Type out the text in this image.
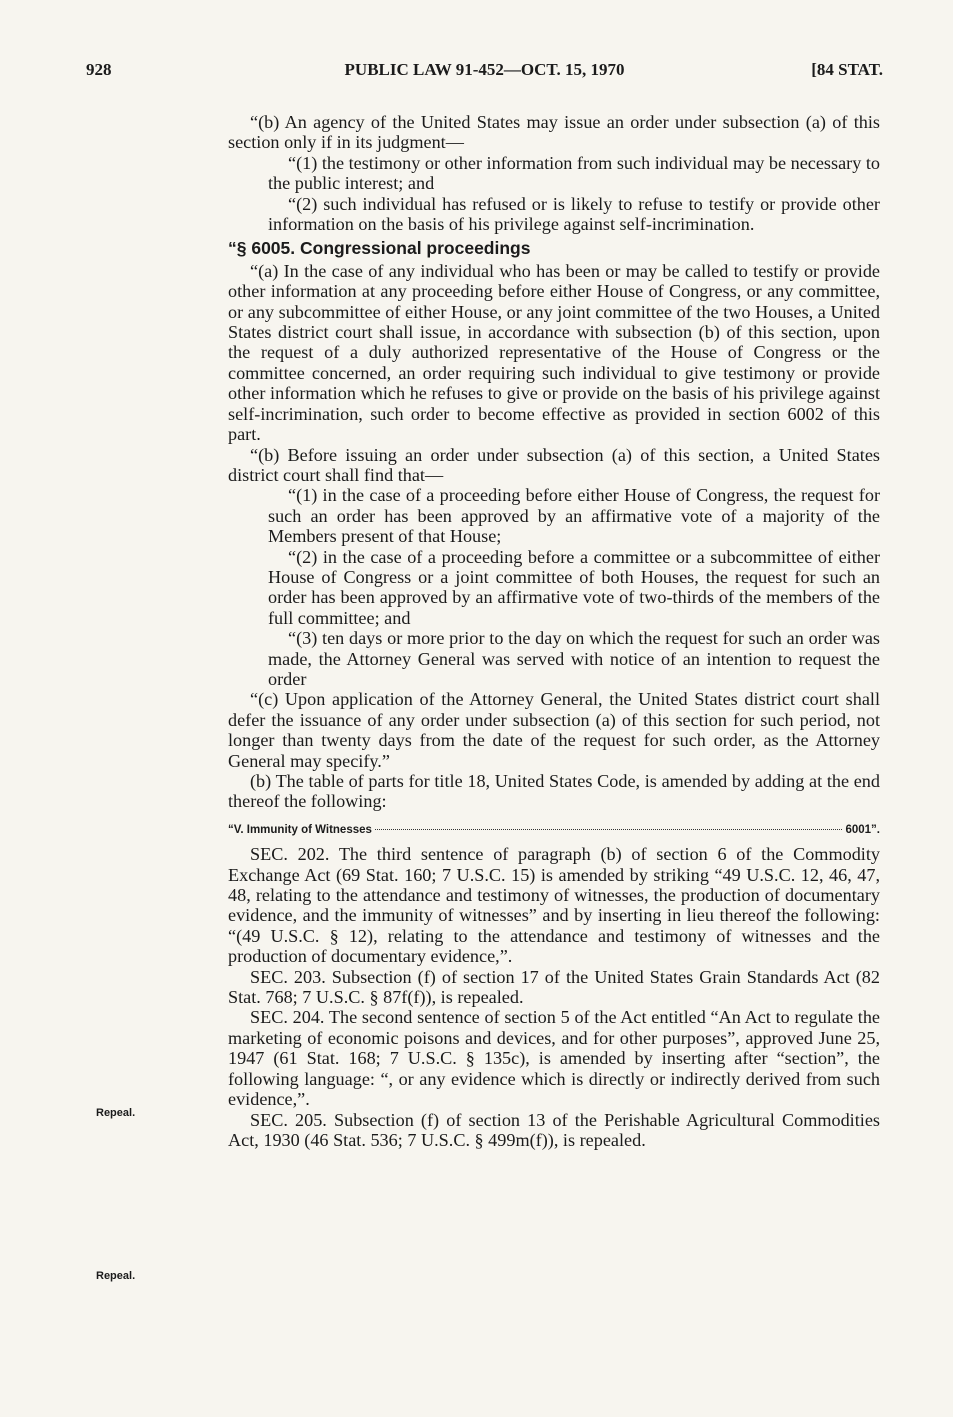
928	PUBLIC LAW 91-452—OCT. 15, 1970	[84 STAT.

“(b) An agency of the United States may issue an order under subsection (a) of this section only if in its judgment—

“(1) the testimony or other information from such individual may be necessary to the public interest; and

“(2) such individual has refused or is likely to refuse to testify or provide other information on the basis of his privilege against self-incrimination.

“§ 6005. Congressional proceedings

“(a) In the case of any individual who has been or may be called to testify or provide other information at any proceeding before either House of Congress, or any committee, or any subcommittee of either House, or any joint committee of the two Houses, a United States district court shall issue, in accordance with subsection (b) of this section, upon the request of a duly authorized representative of the House of Congress or the committee concerned, an order requiring such individual to give testimony or provide other information which he refuses to give or provide on the basis of his privilege against self-incrimination, such order to become effective as provided in section 6002 of this part.

“(b) Before issuing an order under subsection (a) of this section, a United States district court shall find that—

“(1) in the case of a proceeding before either House of Congress, the request for such an order has been approved by an affirmative vote of a majority of the Members present of that House;

“(2) in the case of a proceeding before a committee or a subcommittee of either House of Congress or a joint committee of both Houses, the request for such an order has been approved by an affirmative vote of two-thirds of the members of the full committee; and

“(3) ten days or more prior to the day on which the request for such an order was made, the Attorney General was served with notice of an intention to request the order

“(c) Upon application of the Attorney General, the United States district court shall defer the issuance of any order under subsection (a) of this section for such period, not longer than twenty days from the date of the request for such order, as the Attorney General may specify.”

(b) The table of parts for title 18, United States Code, is amended by adding at the end thereof the following:

“V. Immunity of Witnesses	6001”.

SEC. 202. The third sentence of paragraph (b) of section 6 of the Commodity Exchange Act (69 Stat. 160; 7 U.S.C. 15) is amended by striking “49 U.S.C. 12, 46, 47, 48, relating to the attendance and testimony of witnesses, the production of documentary evidence, and the immunity of witnesses” and by inserting in lieu thereof the following: “(49 U.S.C. § 12), relating to the attendance and testimony of witnesses and the production of documentary evidence,”.

SEC. 203. Subsection (f) of section 17 of the United States Grain Standards Act (82 Stat. 768; 7 U.S.C. § 87f(f)), is repealed.

SEC. 204. The second sentence of section 5 of the Act entitled “An Act to regulate the marketing of economic poisons and devices, and for other purposes”, approved June 25, 1947 (61 Stat. 168; 7 U.S.C. § 135c), is amended by inserting after “section”, the following language: “, or any evidence which is directly or indirectly derived from such evidence,”.

SEC. 205. Subsection (f) of section 13 of the Perishable Agricultural Commodities Act, 1930 (46 Stat. 536; 7 U.S.C. § 499m(f)), is repealed.

Repeal.
Repeal.
